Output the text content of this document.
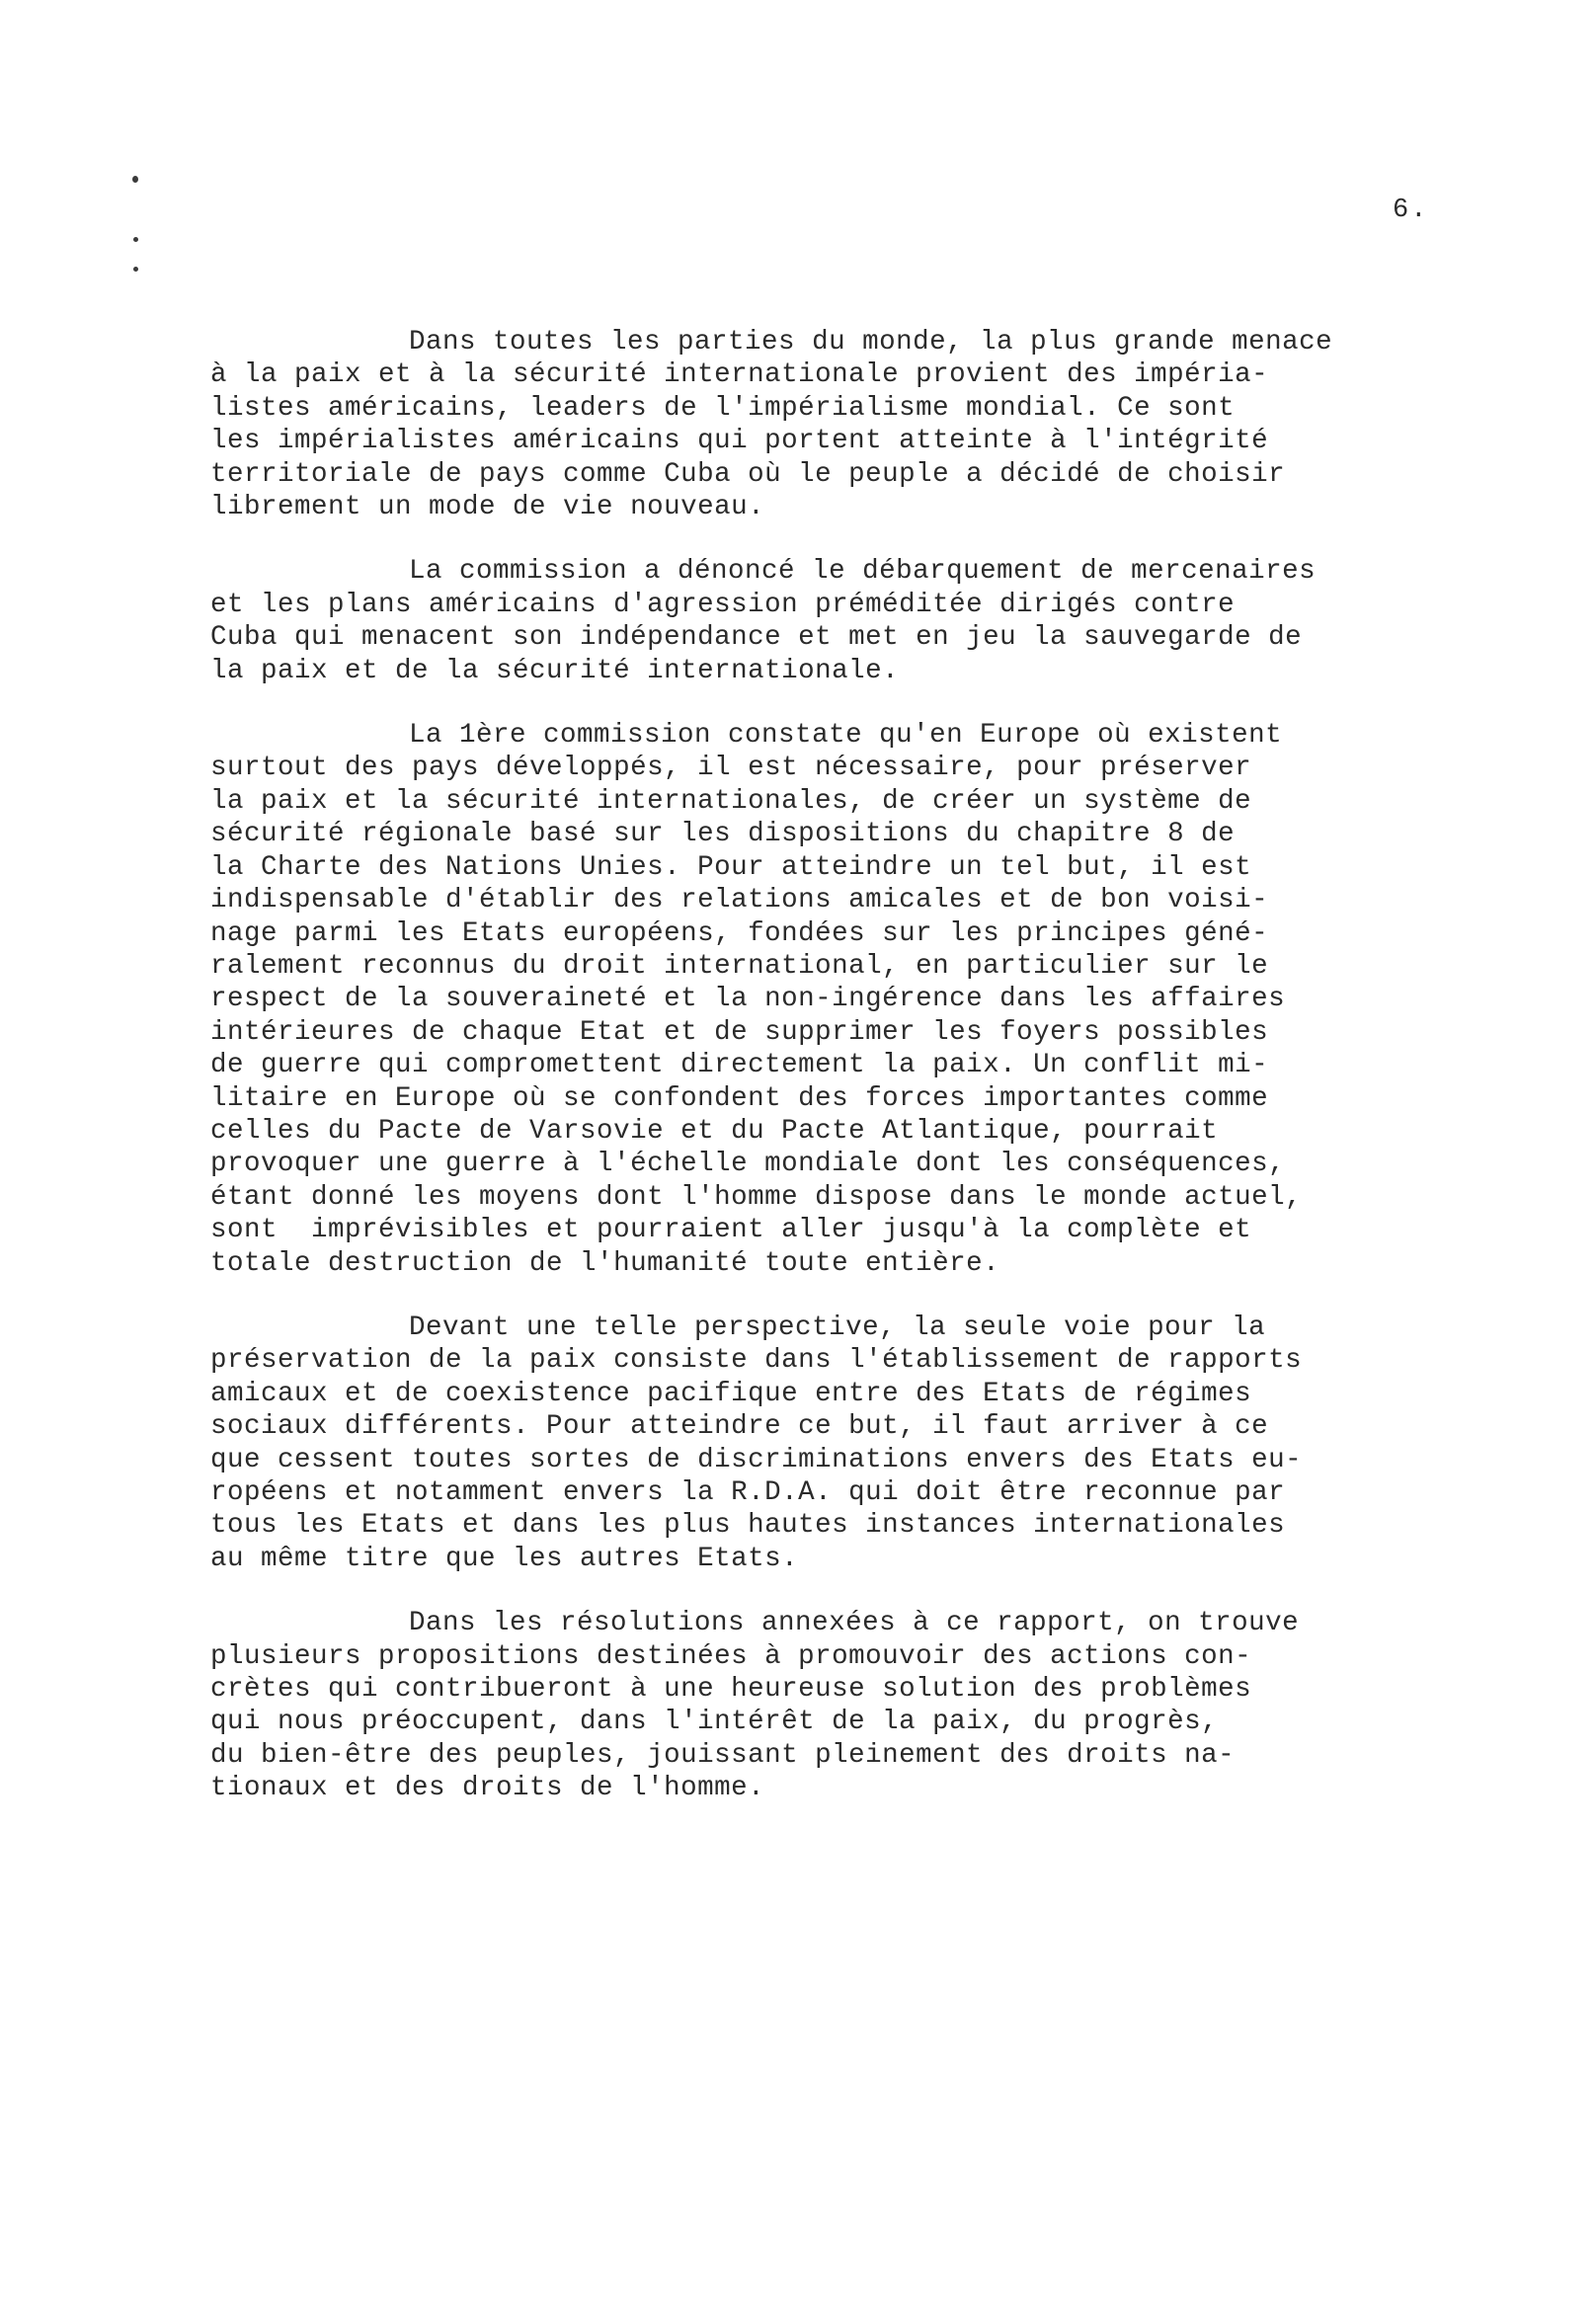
6.

Dans toutes les parties du monde, la plus grande menace
à la paix et à la sécurité internationale provient des impéria-
listes américains, leaders de l'impérialisme mondial. Ce sont
les impérialistes américains qui portent atteinte à l'intégrité
territoriale de pays comme Cuba où le peuple a décidé de choisir
librement un mode de vie nouveau.

La commission a dénoncé le débarquement de mercenaires
et les plans américains d'agression préméditée dirigés contre
Cuba qui menacent son indépendance et met en jeu la sauvegarde de
la paix et de la sécurité internationale.

La 1ère commission constate qu'en Europe où existent
surtout des pays développés, il est nécessaire, pour préserver
la paix et la sécurité internationales, de créer un système de
sécurité régionale basé sur les dispositions du chapitre 8 de
la Charte des Nations Unies. Pour atteindre un tel but, il est
indispensable d'établir des relations amicales et de bon voisi-
nage parmi les Etats européens, fondées sur les principes géné-
ralement reconnus du droit international, en particulier sur le
respect de la souveraineté et la non-ingérence dans les affaires
intérieures de chaque Etat et de supprimer les foyers possibles
de guerre qui compromettent directement la paix. Un conflit mi-
litaire en Europe où se confondent des forces importantes comme
celles du Pacte de Varsovie et du Pacte Atlantique, pourrait
provoquer une guerre à l'échelle mondiale dont les conséquences,
étant donné les moyens dont l'homme dispose dans le monde actuel,
sont  imprévisibles et pourraient aller jusqu'à la complète et
totale destruction de l'humanité toute entière.

Devant une telle perspective, la seule voie pour la
préservation de la paix consiste dans l'établissement de rapports
amicaux et de coexistence pacifique entre des Etats de régimes
sociaux différents. Pour atteindre ce but, il faut arriver à ce
que cessent toutes sortes de discriminations envers des Etats eu-
ropéens et notamment envers la R.D.A. qui doit être reconnue par
tous les Etats et dans les plus hautes instances internationales
au même titre que les autres Etats.

Dans les résolutions annexées à ce rapport, on trouve
plusieurs propositions destinées à promouvoir des actions con-
crètes qui contribueront à une heureuse solution des problèmes
qui nous préoccupent, dans l'intérêt de la paix, du progrès,
du bien-être des peuples, jouissant pleinement des droits na-
tionaux et des droits de l'homme.
